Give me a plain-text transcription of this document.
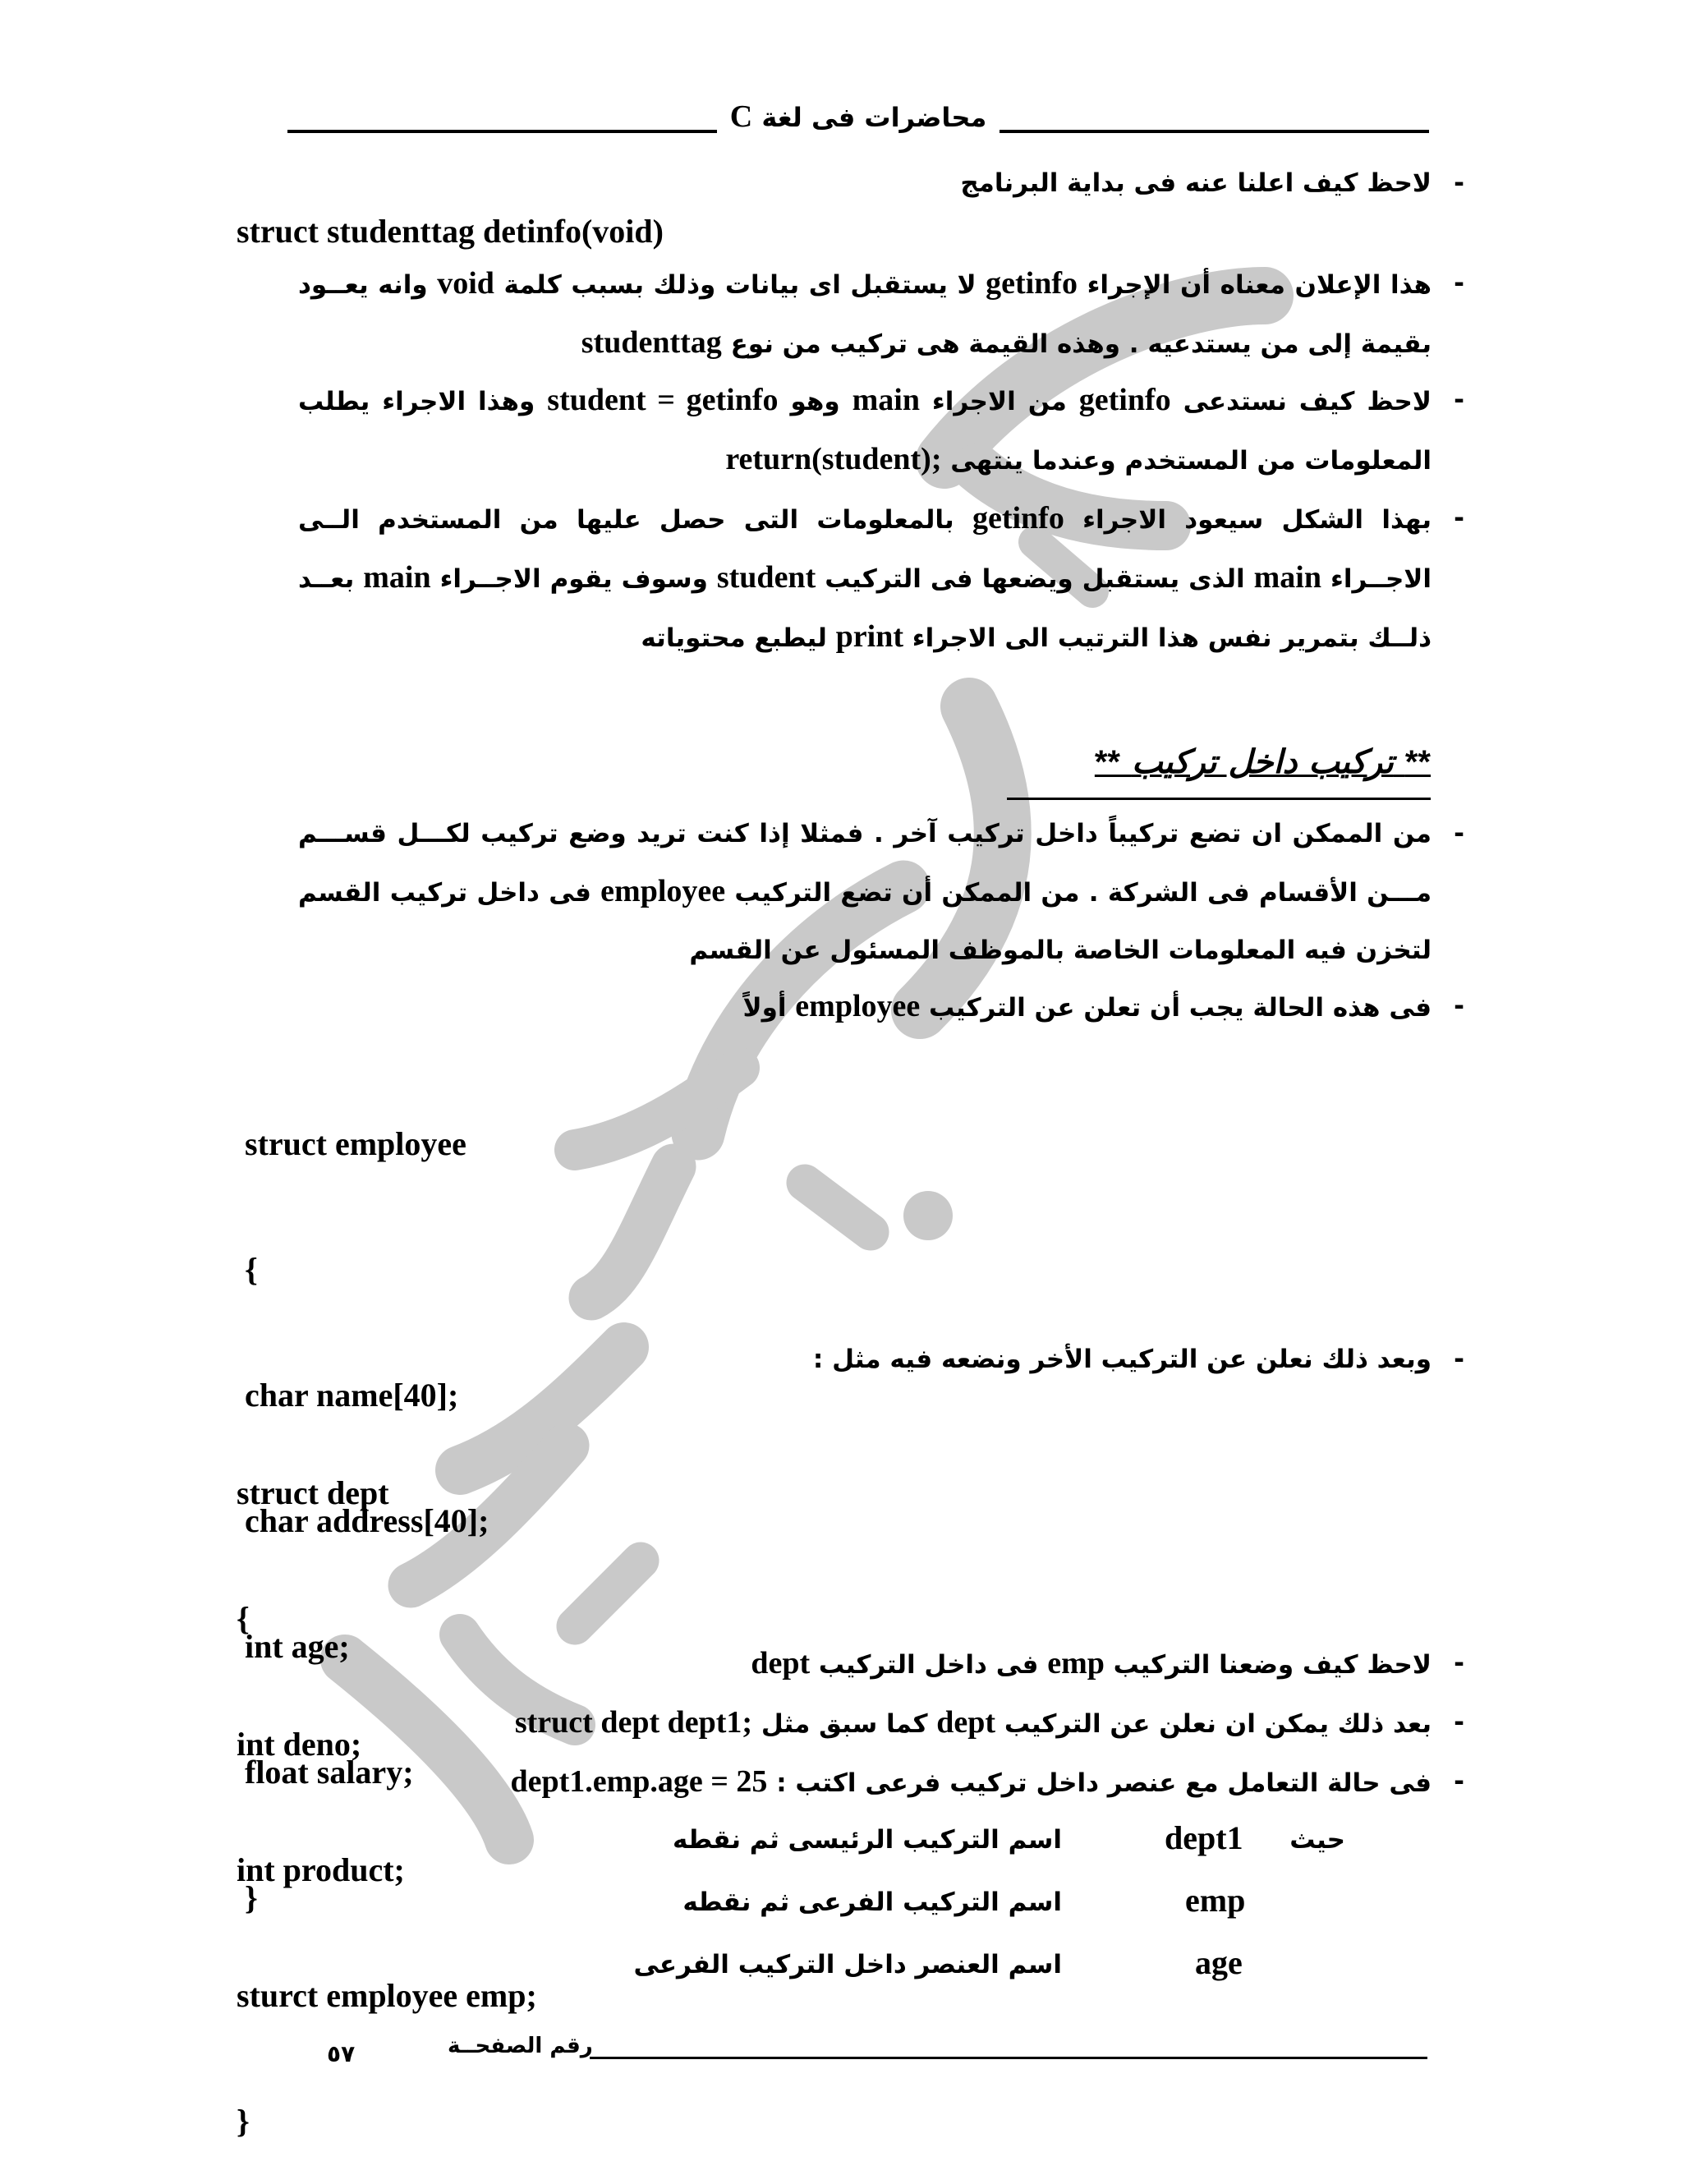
محاضرات فى لغة C
-
لاحظ كيف اعلنا عنه فى بداية البرنامج
struct studenttag detinfo(void)
-
هذا الإعلان معناه أن الإجراء getinfo لا يستقبل اى بيانات وذلك بسبب كلمة void وانه يعــود بقيمة إلى من يستدعيه . وهذه القيمة هى تركيب من نوع studenttag
-
لاحظ كيف نستدعى getinfo من الاجراء main وهو student = getinfo وهذا الاجراء يطلب المعلومات من المستخدم وعندما ينتهى return(student);
-
بهذا الشكل سيعود الاجراء getinfo بالمعلومات التى حصل عليها من المستخدم الــى الاجــراء main الذى يستقبل ويضعها فى التركيب student وسوف يقوم الاجــراء main بعــد ذلــك بتمرير نفس هذا الترتيب الى الاجراء print ليطبع محتوياته
** تركيب داخل تركيب **
-
من الممكن ان تضع تركيباً داخل تركيب آخر . فمثلا إذا كنت تريد وضع تركيب لكـــل قســـم مـــن الأقسام فى الشركة . من الممكن أن تضع التركيب employee فى داخل تركيب القسم لتخزن فيه المعلومات الخاصة بالموظف المسئول عن القسم
-
فى هذه الحالة يجب أن تعلن عن التركيب employee أولاً

struct employee

{

char name[40];

char address[40];

int age;

float salary;

}

-
وبعد ذلك نعلن عن التركيب الأخر ونضعه فيه مثل :

struct dept

{

int deno;

int product;

sturct employee emp;

}

-
لاحظ كيف وضعنا التركيب emp فى داخل التركيب dept
-
بعد ذلك يمكن ان نعلن عن التركيب dept كما سبق مثل struct dept dept1;
-
فى حالة التعامل مع عنصر داخل تركيب فرعى اكتب : dept1.emp.age = 25
حيث
dept1
اسم التركيب الرئيسى ثم نقطه
emp
اسم التركيب الفرعى ثم نقطه
age
اسم العنصر داخل التركيب الفرعى
رقم الصفحــة
٥٧
